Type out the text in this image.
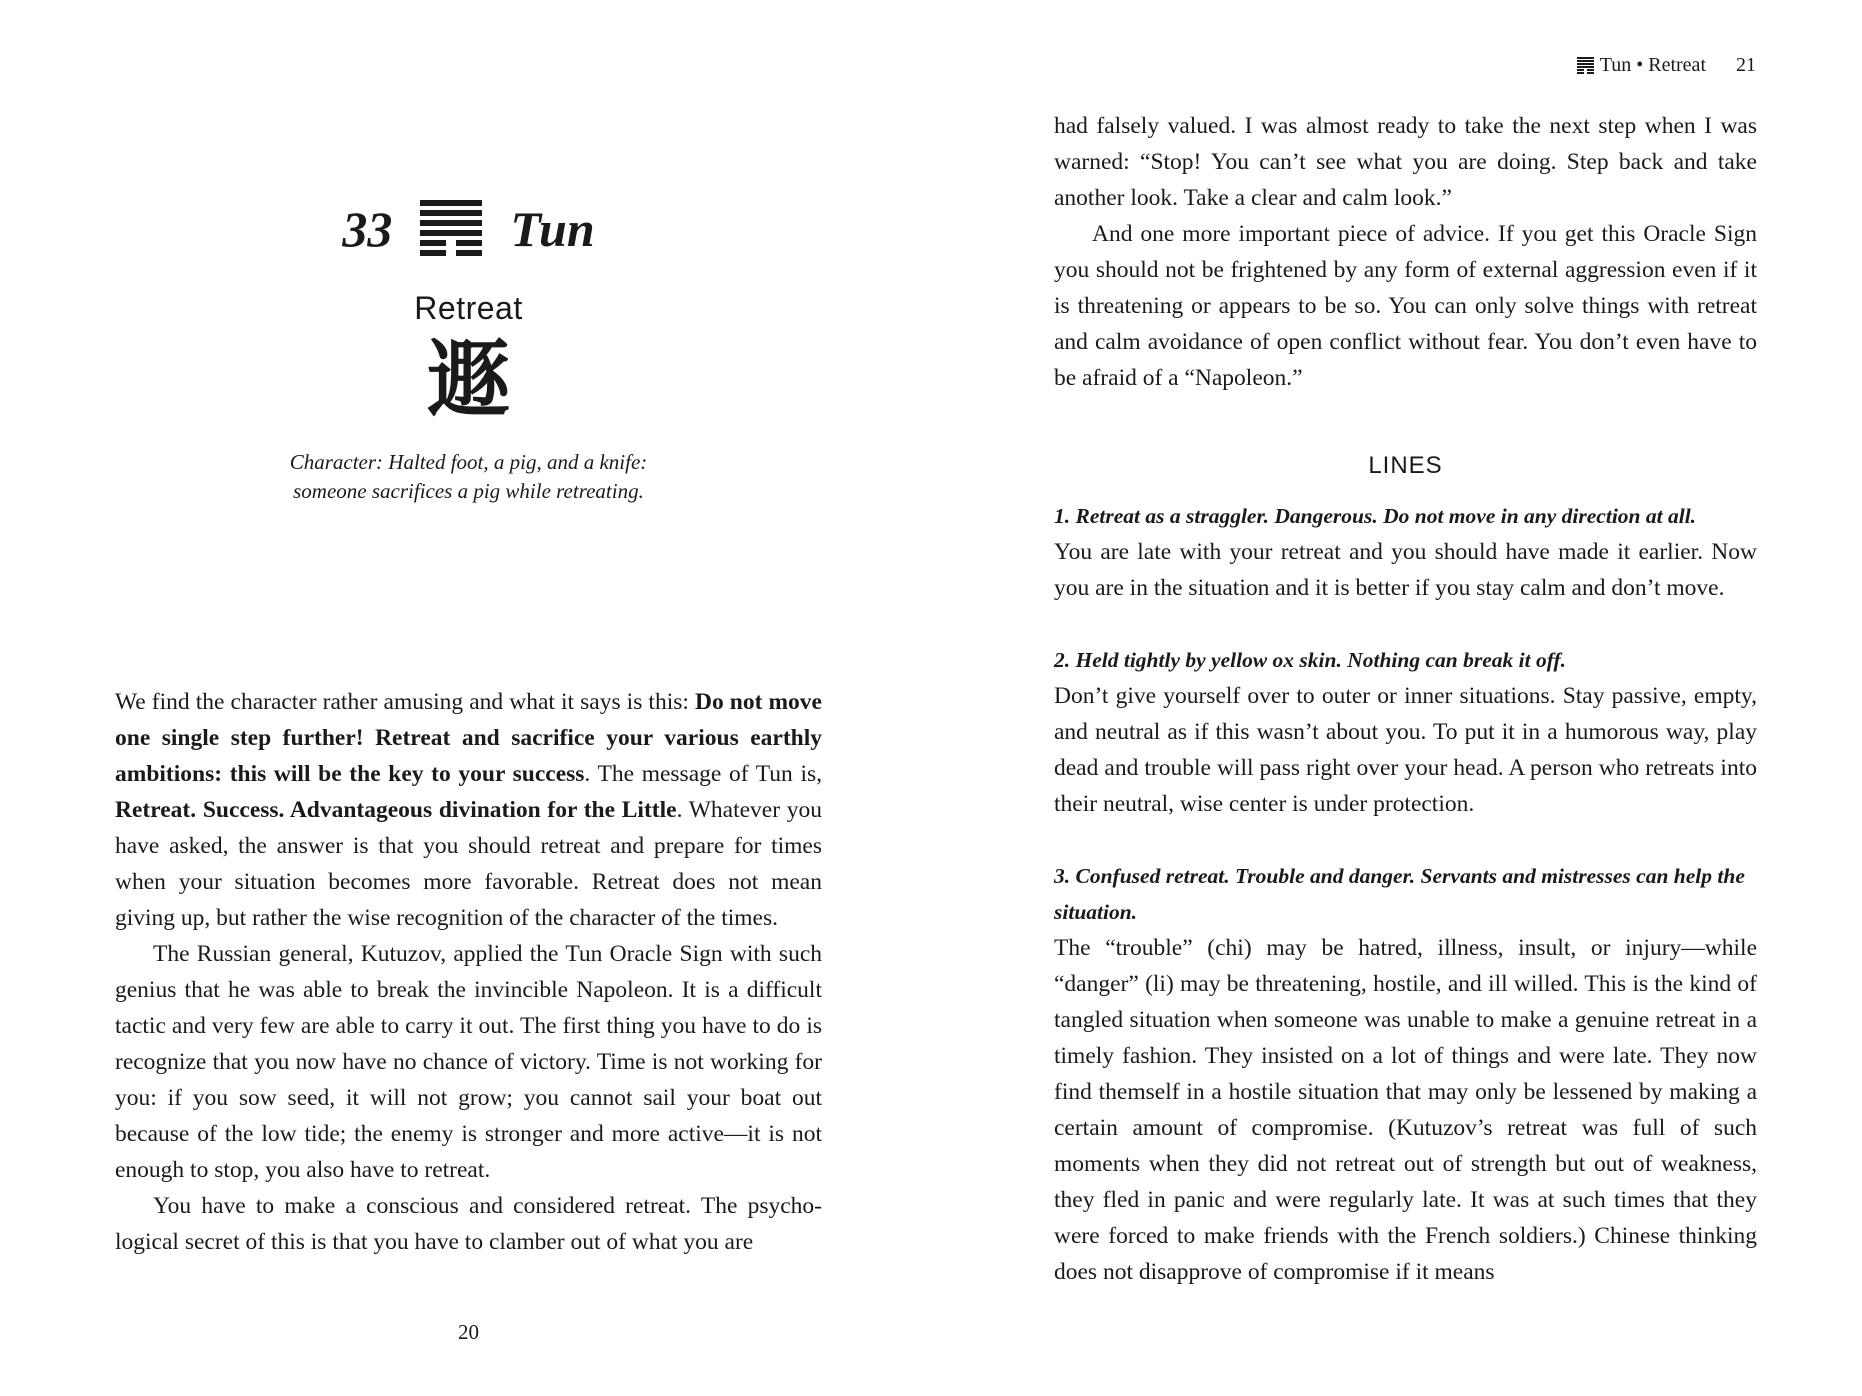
33 Tun
Retreat
遯
Character: Halted foot, a pig, and a knife:
someone sacrifices a pig while retreating.

We find the character rather amusing and what it says is this: Do not move one single step further! Retreat and sacrifice your various earthly ambitions: this will be the key to your success. The message of Tun is, Retreat. Success. Advantageous divination for the Little. Whatever you have asked, the answer is that you should retreat and prepare for times when your situation becomes more favorable. Retreat does not mean giving up, but rather the wise recognition of the character of the times.

The Russian general, Kutuzov, applied the Tun Oracle Sign with such genius that he was able to break the invincible Napoleon. It is a difficult tactic and very few are able to carry it out. The first thing you have to do is recognize that you now have no chance of victory. Time is not working for you: if you sow seed, it will not grow; you cannot sail your boat out because of the low tide; the enemy is stronger and more active—it is not enough to stop, you also have to retreat.

You have to make a conscious and considered retreat. The psychological secret of this is that you have to clamber out of what you are

20
Tun • Retreat 21

had falsely valued. I was almost ready to take the next step when I was warned: “Stop! You can’t see what you are doing. Step back and take another look. Take a clear and calm look.”

And one more important piece of advice. If you get this Oracle Sign you should not be frightened by any form of external aggression even if it is threatening or appears to be so. You can only solve things with retreat and calm avoidance of open conflict without fear. You don’t even have to be afraid of a “Napoleon.”

LINES

1. Retreat as a straggler. Dangerous. Do not move in any direction at all.

You are late with your retreat and you should have made it earlier. Now you are in the situation and it is better if you stay calm and don’t move.

2. Held tightly by yellow ox skin. Nothing can break it off.

Don’t give yourself over to outer or inner situations. Stay passive, empty, and neutral as if this wasn’t about you. To put it in a humorous way, play dead and trouble will pass right over your head. A person who retreats into their neutral, wise center is under protection.

3. Confused retreat. Trouble and danger. Servants and mistresses can help the situation.

The “trouble” (chi) may be hatred, illness, insult, or injury—while “danger” (li) may be threatening, hostile, and ill willed. This is the kind of tangled situation when someone was unable to make a genuine retreat in a timely fashion. They insisted on a lot of things and were late. They now find themself in a hostile situation that may only be lessened by making a certain amount of compromise. (Kutuzov’s retreat was full of such moments when they did not retreat out of strength but out of weakness, they fled in panic and were regularly late. It was at such times that they were forced to make friends with the French soldiers.) Chinese thinking does not disapprove of compromise if it means
